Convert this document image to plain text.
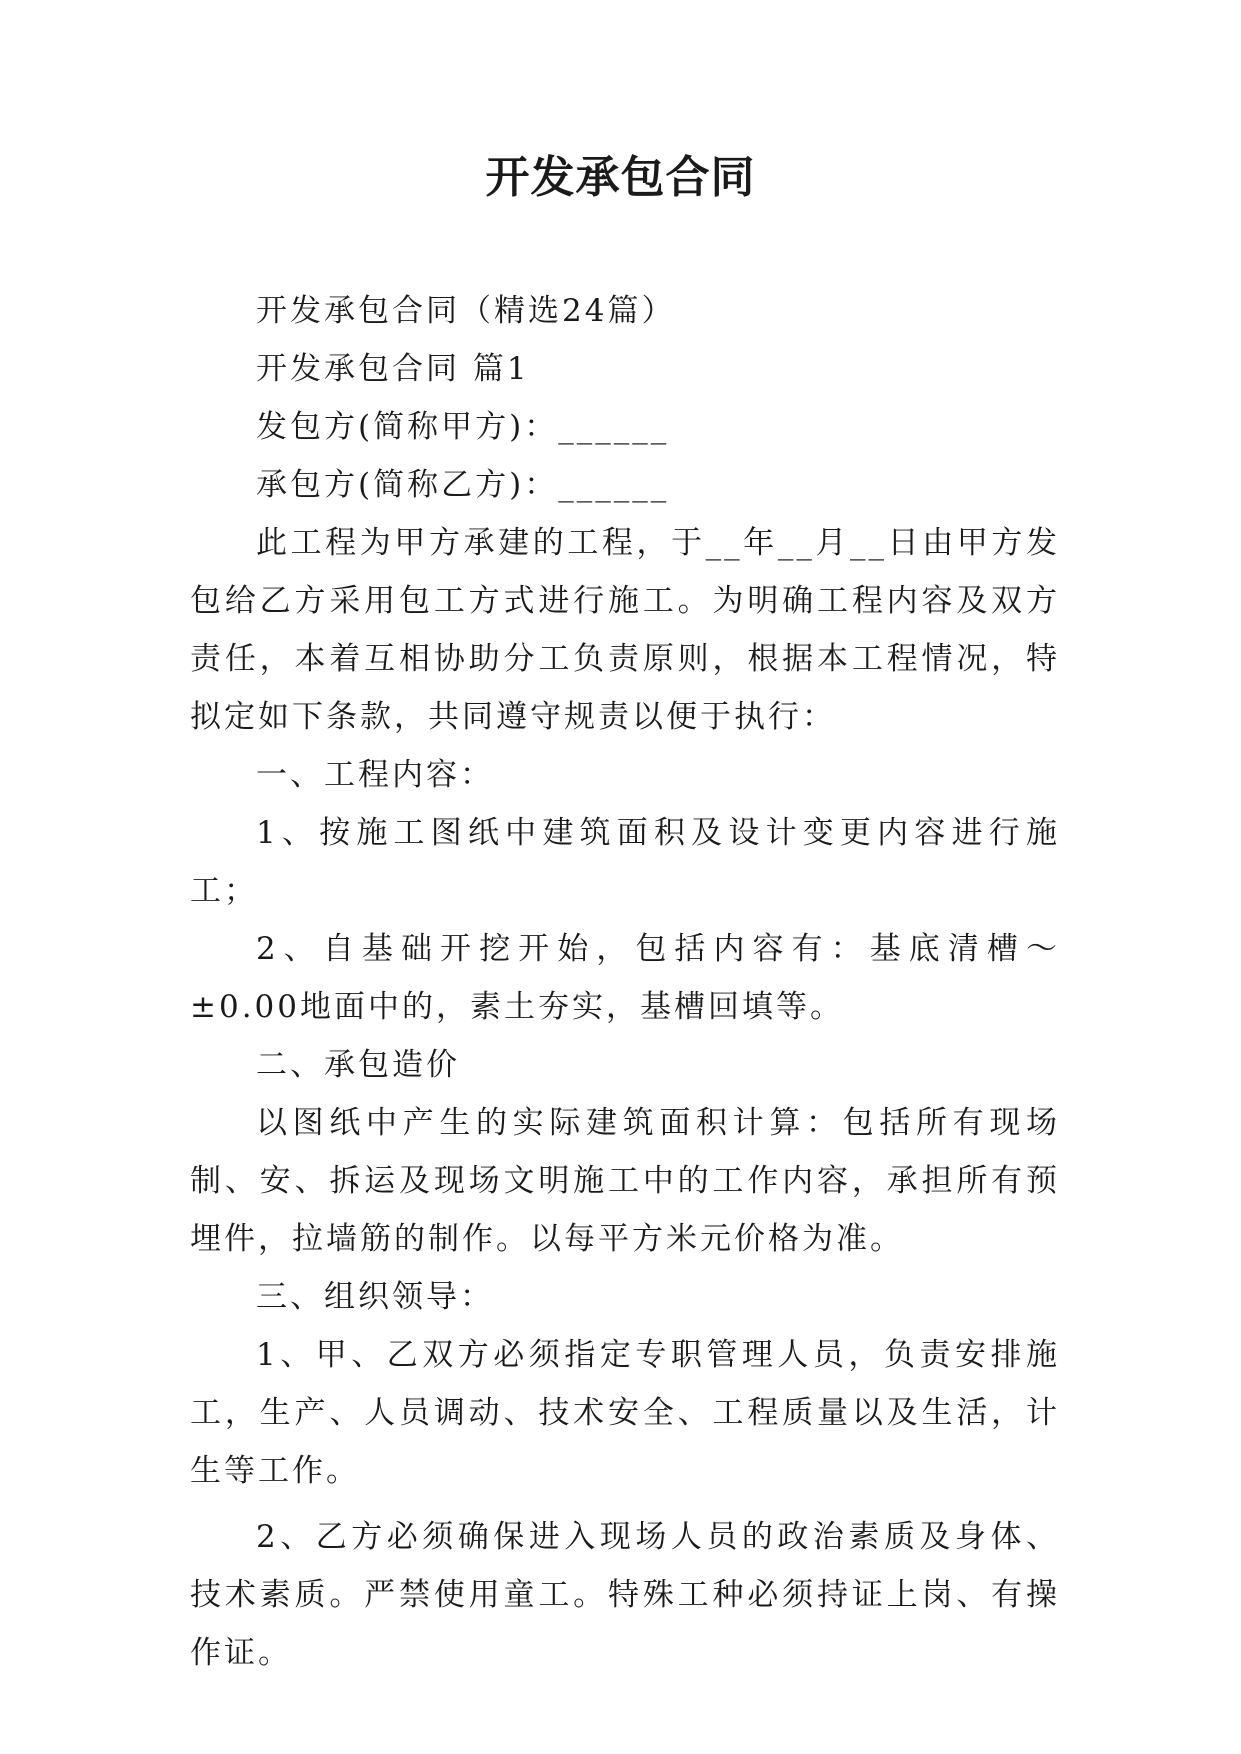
开发承包合同

开发承包合同（精选24篇）

开发承包合同 篇1

发包方(简称甲方)：______

承包方(简称乙方)：______

此工程为甲方承建的工程，于__年__月__日由甲方发包给乙方采用包工方式进行施工。为明确工程内容及双方责任，本着互相协助分工负责原则，根据本工程情况，特拟定如下条款，共同遵守规责以便于执行：

一、工程内容：

1、按施工图纸中建筑面积及设计变更内容进行施工；

2、自基础开挖开始，包括内容有：基底清槽～±0.00地面中的，素土夯实，基槽回填等。

二、承包造价

以图纸中产生的实际建筑面积计算：包括所有现场制、安、拆运及现场文明施工中的工作内容，承担所有预埋件，拉墙筋的制作。以每平方米元价格为准。

三、组织领导：

1、甲、乙双方必须指定专职管理人员，负责安排施工，生产、人员调动、技术安全、工程质量以及生活，计生等工作。

2、乙方必须确保进入现场人员的政治素质及身体、技术素质。严禁使用童工。特殊工种必须持证上岗、有操作证。
